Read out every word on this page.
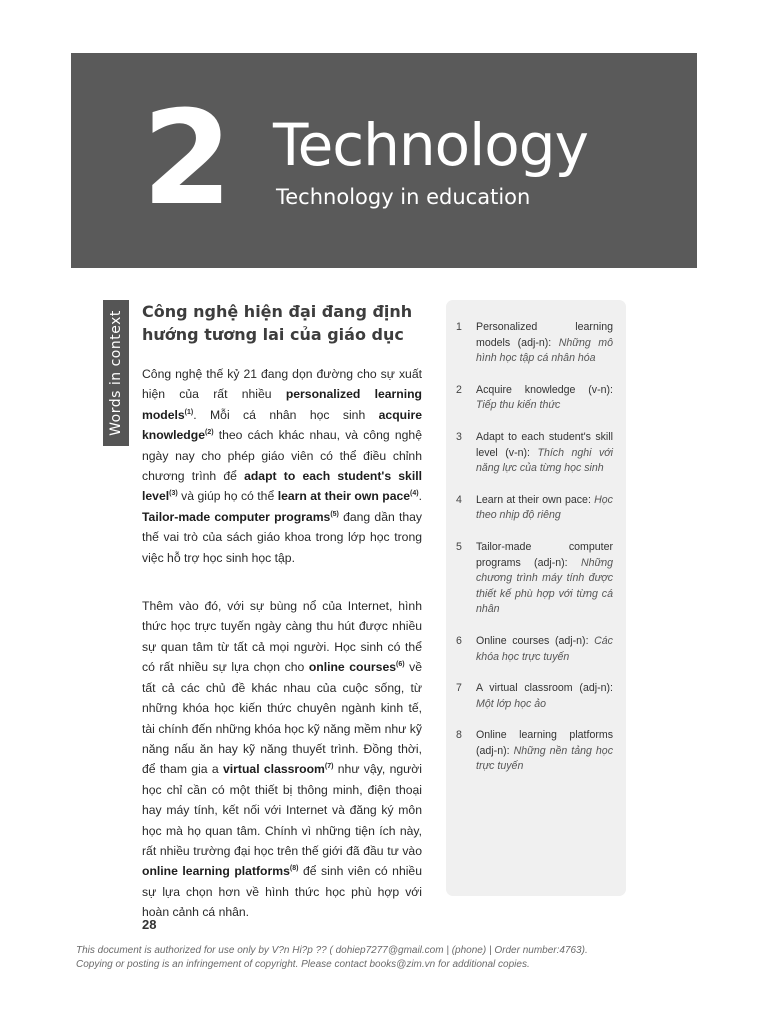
2 Technology
Technology in education
Words in context Công nghệ hiện đại đang định hướng tương lai của giáo dục

Công nghệ thế kỷ 21 đang dọn đường cho sự xuất hiện của rất nhiều personalized learning models$^{(1)}$. Mỗi cá nhân học sinh acquire knowledge$^{(2)}$ theo cách khác nhau, và công nghệ ngày nay cho phép giáo viên có thể điều chỉnh chương trình để adapt to each student's skill level$^{(3)}$ và giúp họ có thể learn at their own pace$^{(4)}$. Tailor-made computer programs$^{(5)}$ đang dần thay thế vai trò của sách giáo khoa trong lớp học trong việc hỗ trợ học sinh học tập.

Thêm vào đó, với sự bùng nổ của Internet, hình thức học trực tuyến ngày càng thu hút được nhiều sự quan tâm từ tất cả mọi người. Học sinh có thể có rất nhiều sự lựa chọn cho online courses$^{(6)}$ về tất cả các chủ đề khác nhau của cuộc sống, từ những khóa học kiến thức chuyên ngành kinh tế, tài chính đến những khóa học kỹ năng mềm như kỹ năng nấu ăn hay kỹ năng thuyết trình. Đồng thời, để tham gia a virtual classroom$^{(7)}$ như vậy, người học chỉ cần có một thiết bị thông minh, điện thoại hay máy tính, kết nối với Internet và đăng ký môn học mà họ quan tâm. Chính vì những tiện ích này, rất nhiều trường đại học trên thế giới đã đầu tư vào online learning platforms$^{(8)}$ để sinh viên có nhiều sự lựa chọn hơn về hình thức học phù hợp với hoàn cảnh cá nhân.

1	Personalized learning models (adj-n): Những mô hình học tập cá nhân hóa
2	Acquire knowledge (v-n): Tiếp thu kiến thức
3	Adapt to each student's skill level (v-n): Thích nghi với năng lực của từng học sinh
4	Learn at their own pace: Học theo nhịp độ riêng
5	Tailor-made computer programs (adj-n): Những chương trình máy tính được thiết kế phù hợp với từng cá nhân
6	Online courses (adj-n): Các khóa học trực tuyến
7	A virtual classroom (adj-n): Một lớp học ảo
8	Online learning platforms (adj-n): Những nền tảng học trực tuyến
28
This document is authorized for use only by V?n Hi?p ?? ( dohiep7277@gmail.com | (phone) | Order number:4763).
Copying or posting is an infringement of copyright. Please contact books@zim.vn for additional copies.
